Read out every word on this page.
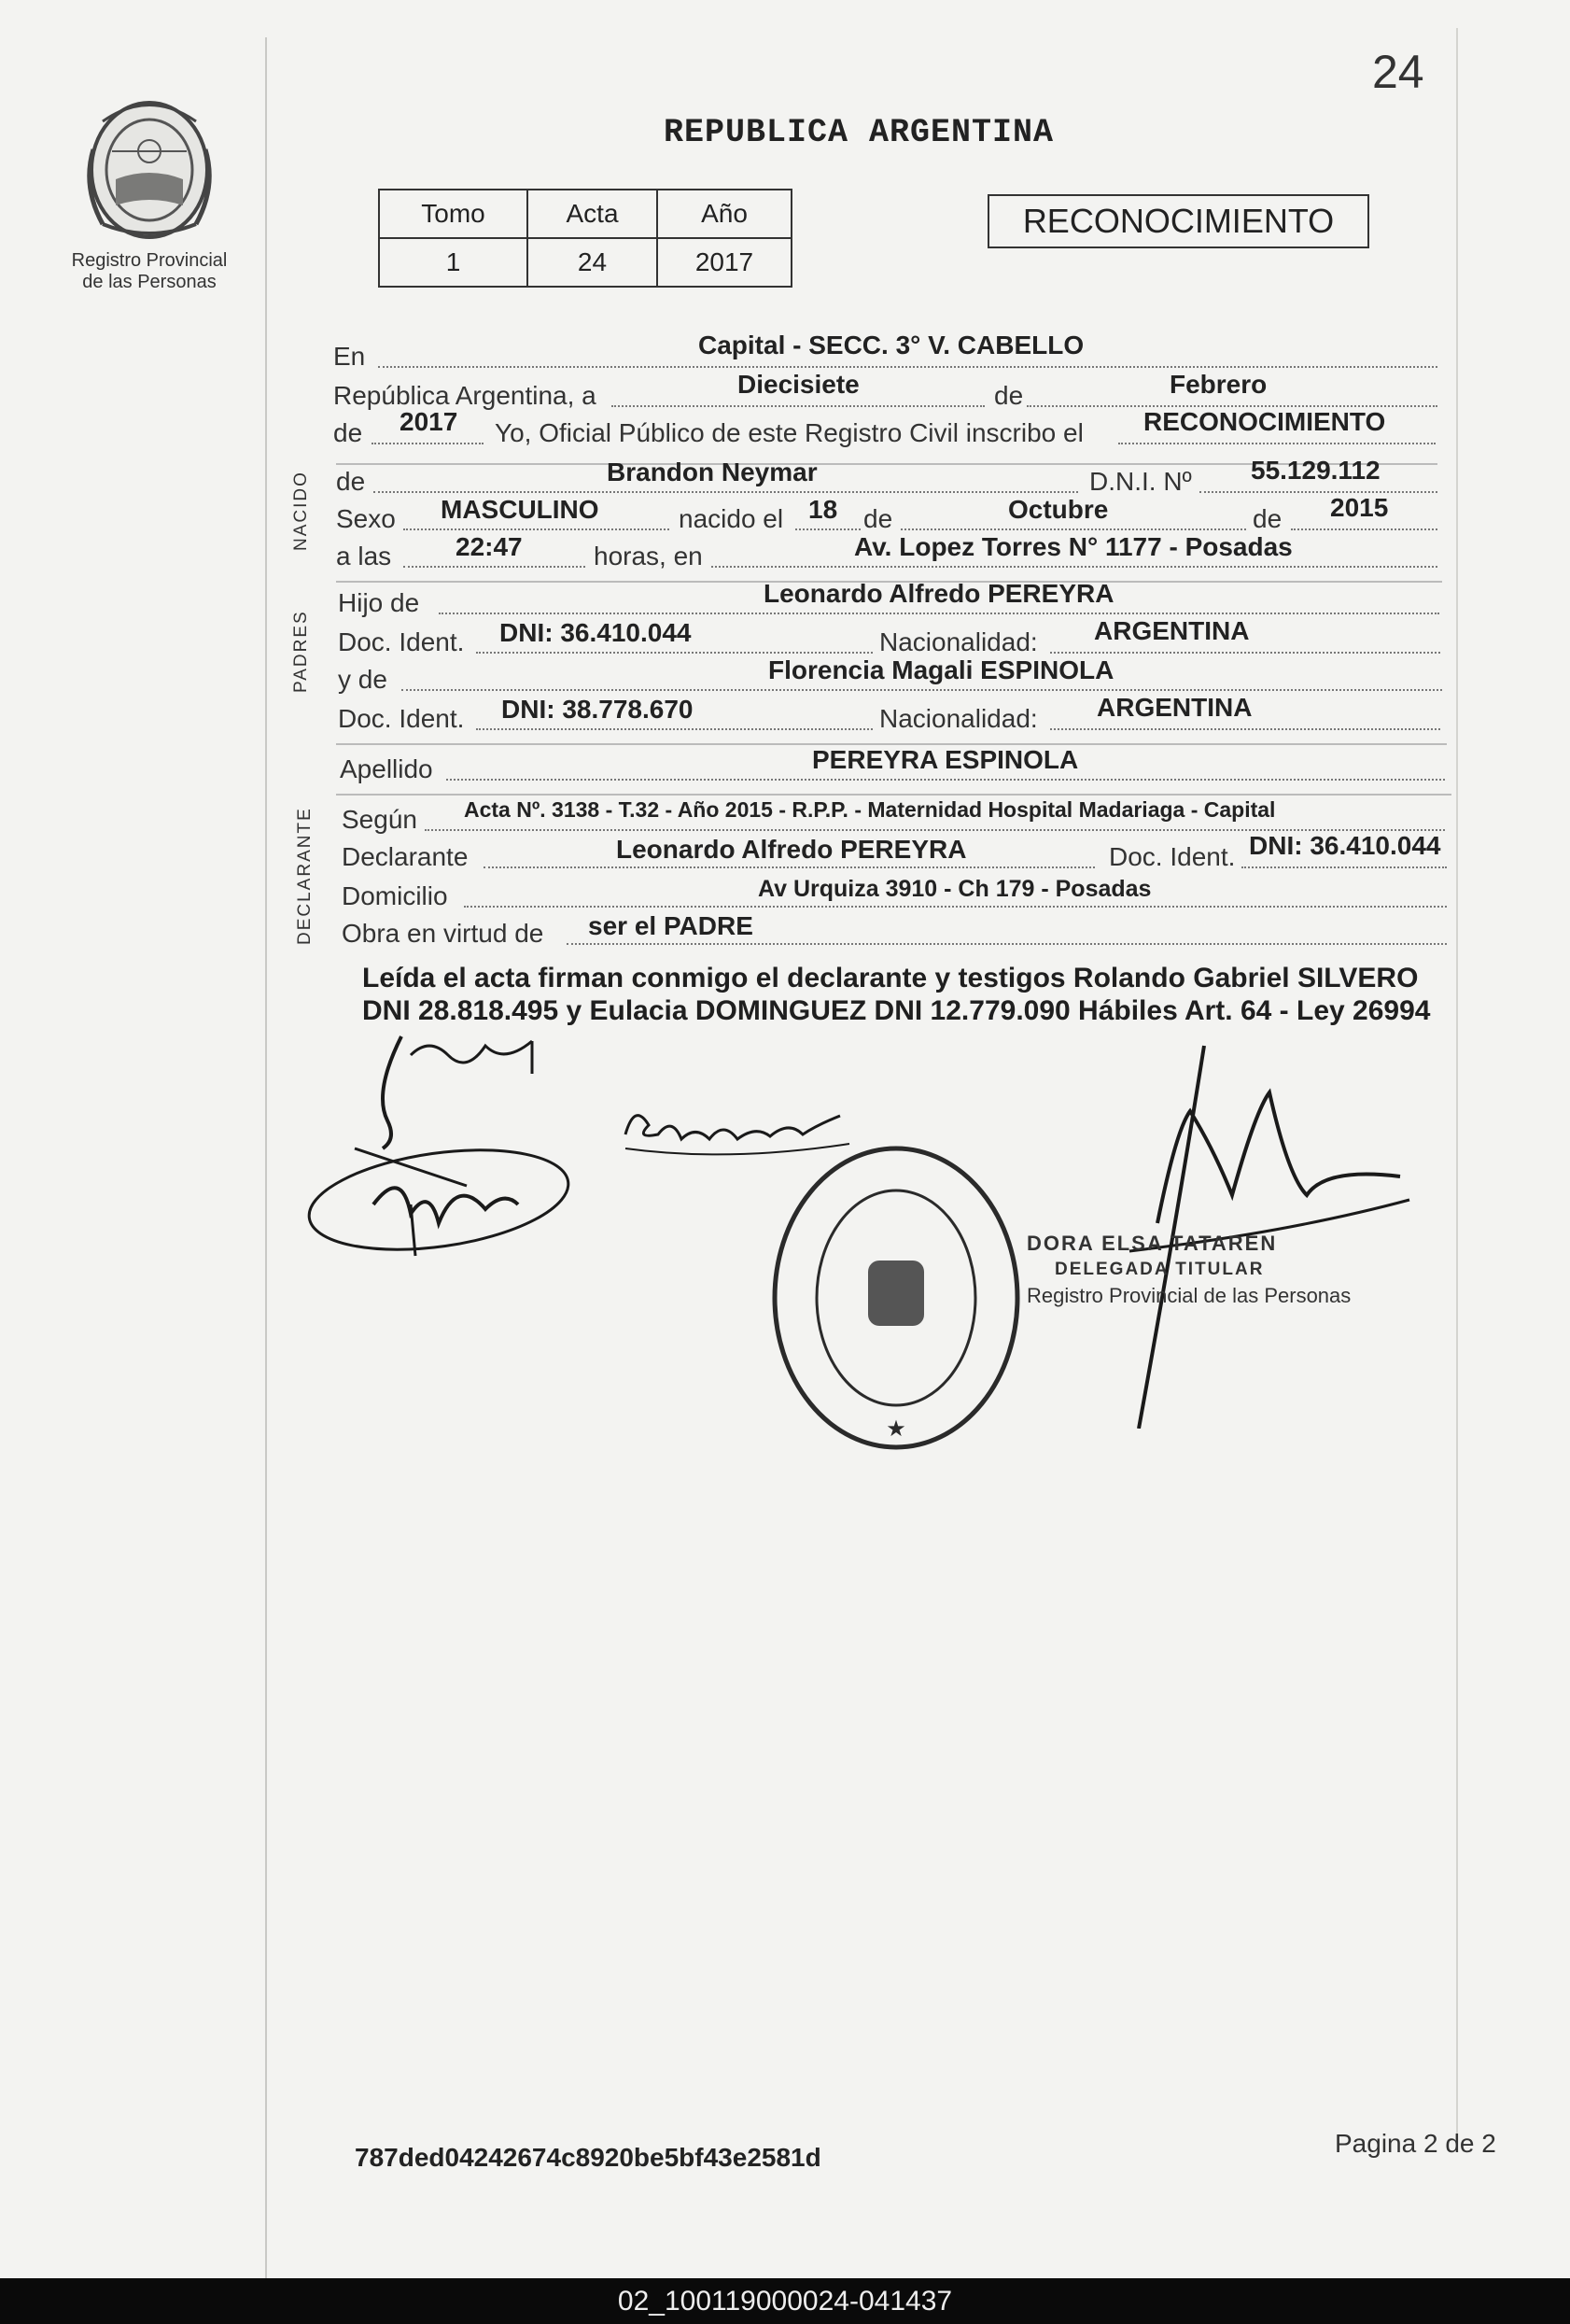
24
Registro Provincial
de las Personas
REPUBLICA ARGENTINA
Tomo	Acta	Año
1	24	2017
RECONOCIMIENTO
NACIDO
PADRES
DECLARANTE
En	Capital - SECC. 3° V. CABELLO
República Argentina, a	Diecisiete	de	Febrero
de 2017 Yo, Oficial Público de este Registro Civil inscribo el RECONOCIMIENTO
de	Brandon Neymar	D.N.I. Nº 55.129.112
Sexo MASCULINO	nacido el 18 de	Octubre	de 2015
a las 22:47	horas, en	Av. Lopez Torres N° 1177 - Posadas
Hijo de	Leonardo Alfredo PEREYRA
Doc. Ident. DNI: 36.410.044	Nacionalidad: ARGENTINA
y de	Florencia Magali ESPINOLA
Doc. Ident. DNI: 38.778.670	Nacionalidad: ARGENTINA
Apellido	PEREYRA ESPINOLA
Según Acta Nº. 3138 - T.32 - Año 2015 - R.P.P. - Maternidad Hospital Madariaga - Capital
Declarante	Leonardo Alfredo PEREYRA	Doc. Ident. DNI: 36.410.044
Domicilio	Av Urquiza 3910 - Ch 179 - Posadas
Obra en virtud de ser el PADRE
Leída el acta firman conmigo el declarante y testigos Rolando Gabriel SILVERO DNI 28.818.495 y Eulacia DOMINGUEZ DNI 12.779.090 Hábiles Art. 64 - Ley 26994
★
DORA ELSA TATAREN
DELEGADA TITULAR
Registro Provincial de las Personas
787ded04242674c8920be5bf43e2581d	Pagina 2 de 2
02_100119000024-041437
